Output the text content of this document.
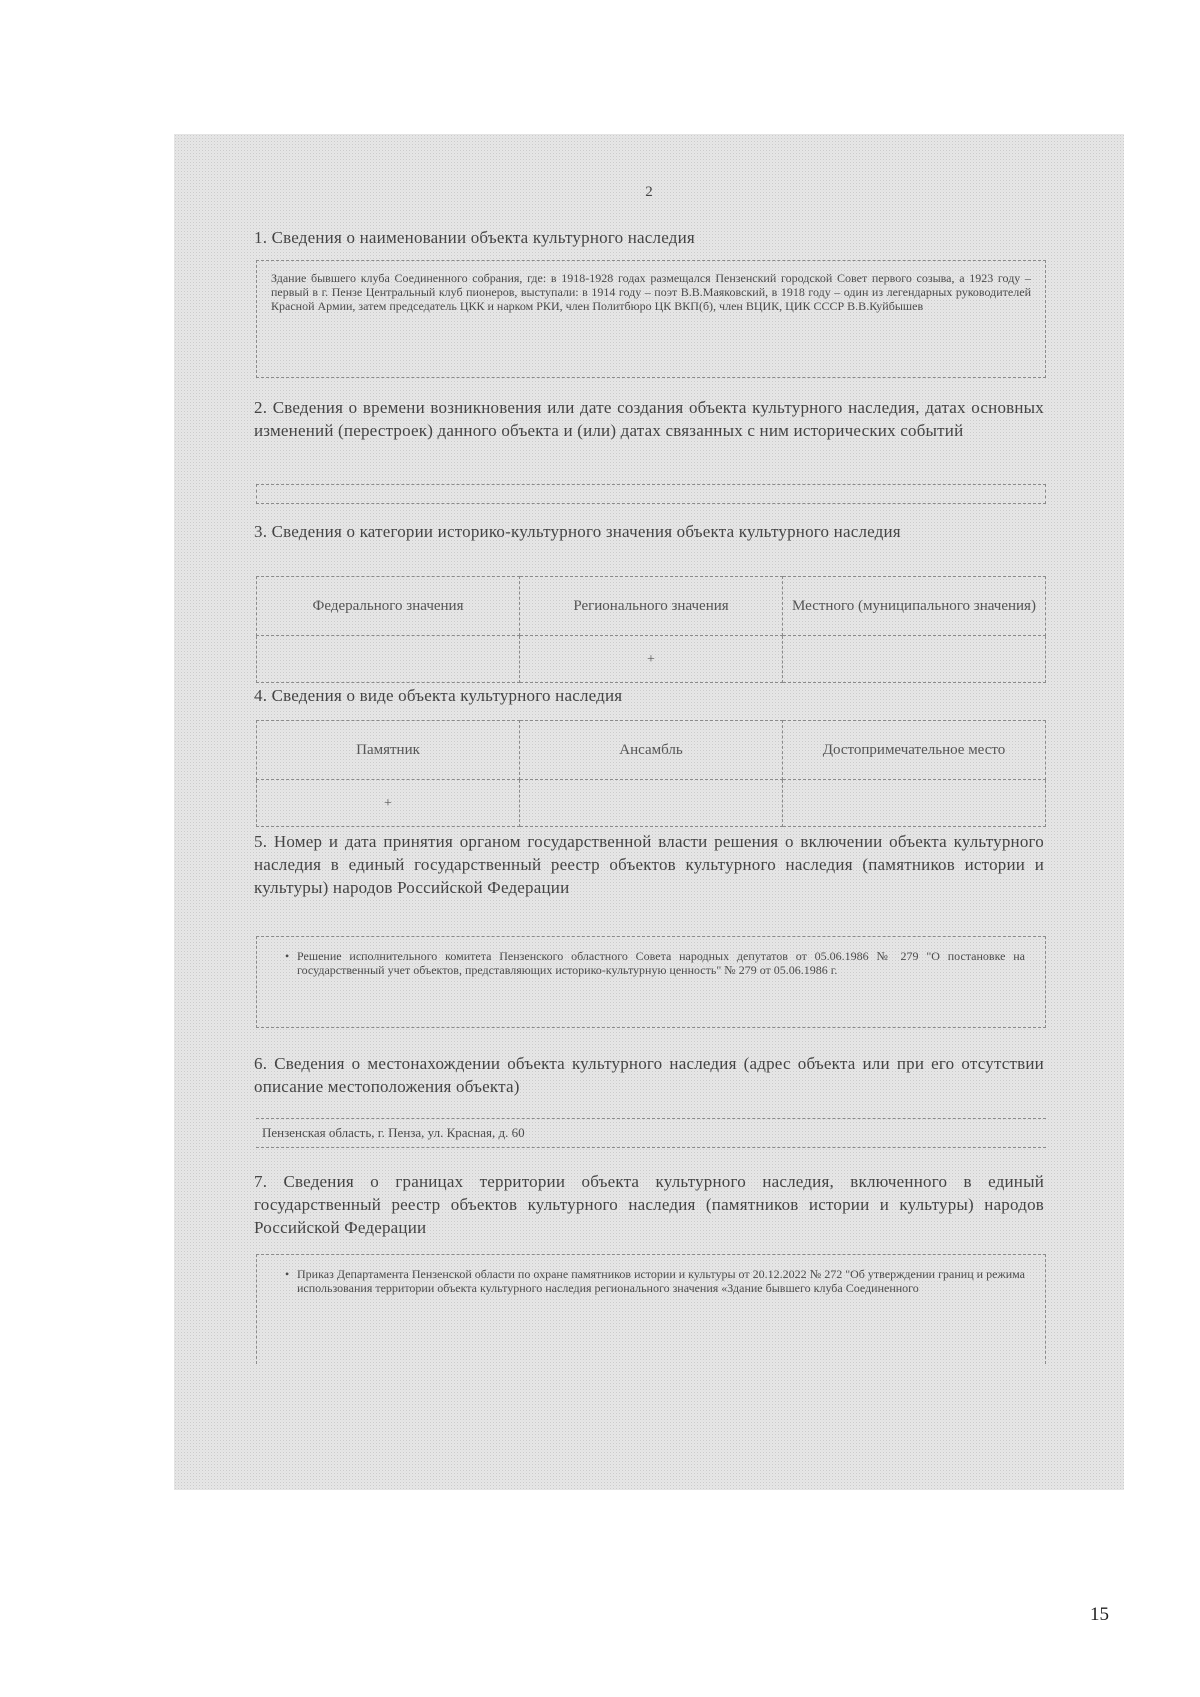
2
1. Сведения о наименовании объекта культурного наследия
Здание бывшего клуба Соединенного собрания, где: в 1918-1928 годах размещался Пензенский городской Совет первого созыва, а 1923 году – первый в г. Пензе Центральный клуб пионеров, выступали: в 1914 году – поэт В.В.Маяковский, в 1918 году – один из легендарных руководителей Красной Армии, затем председатель ЦКК и нарком РКИ, член Политбюро ЦК ВКП(б), член ВЦИК, ЦИК СССР В.В.Куйбышев
2. Сведения о времени возникновения или дате создания объекта культурного наследия, датах основных изменений (перестроек) данного объекта и (или) датах связанных с ним исторических событий
3. Сведения о категории историко-культурного значения объекта культурного наследия
Федерального значения	Регионального значения	Местного (муниципального значения)
	+	
4. Сведения о виде объекта культурного наследия
Памятник	Ансамбль	Достопримечательное место
+		
5. Номер и дата принятия органом государственной власти решения о включении объекта культурного наследия в единый государственный реестр объектов культурного наследия (памятников истории и культуры) народов Российской Федерации
• Решение исполнительного комитета Пензенского областного Совета народных депутатов от 05.06.1986 № 279 "О постановке на государственный учет объектов, представляющих историко-культурную ценность" № 279 от 05.06.1986 г.
6. Сведения о местонахождении объекта культурного наследия (адрес объекта или при его отсутствии описание местоположения объекта)
Пензенская область, г. Пенза, ул. Красная, д. 60
7. Сведения о границах территории объекта культурного наследия, включенного в единый государственный реестр объектов культурного наследия (памятников истории и культуры) народов Российской Федерации
• Приказ Департамента Пензенской области по охране памятников истории и культуры от 20.12.2022 № 272 "Об утверждении границ и режима использования территории объекта культурного наследия регионального значения «Здание бывшего клуба Соединенного
15
